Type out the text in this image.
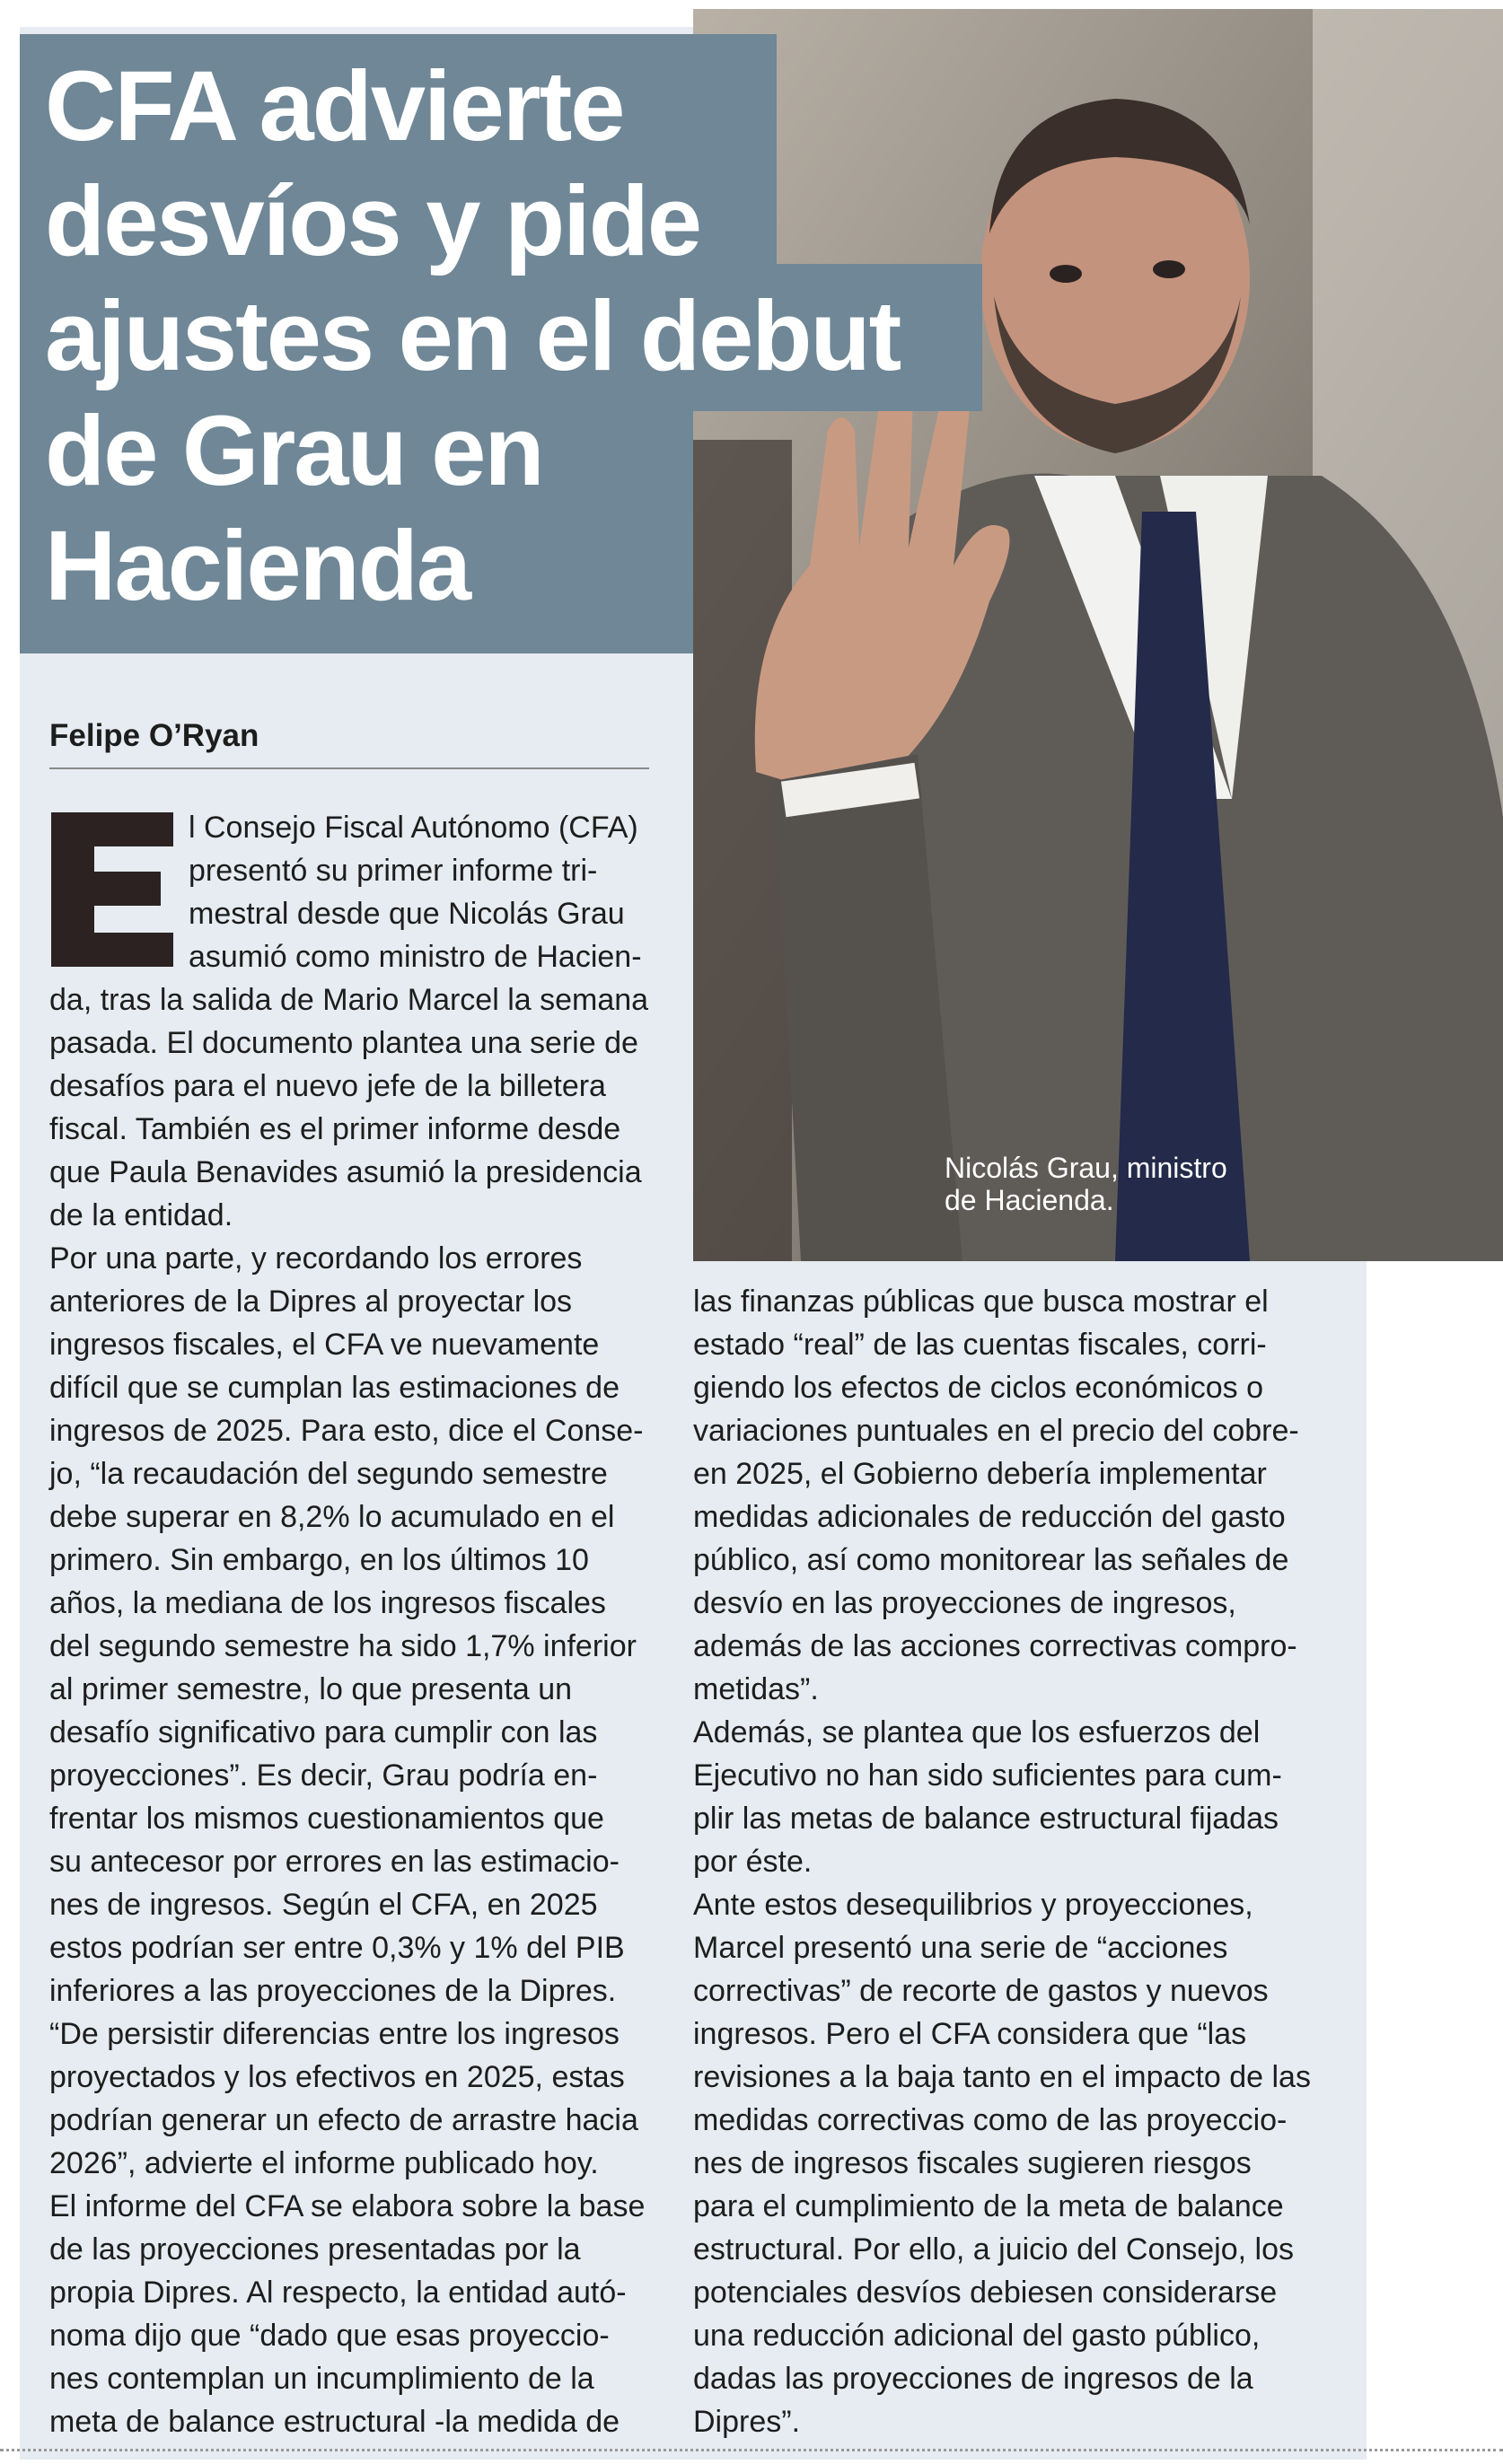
Nicolás Grau, ministro
de Hacienda.
CFA advierte
desvíos y pide
ajustes en el debut
de Grau en
Hacienda
Felipe O’Ryan
l Consejo Fiscal Autónomo (CFA)
presentó su primer informe tri-
mestral desde que Nicolás Grau
asumió como ministro de Hacien-
da, tras la salida de Mario Marcel la semana
pasada. El documento plantea una serie de
desafíos para el nuevo jefe de la billetera
fiscal. También es el primer informe desde
que Paula Benavides asumió la presidencia
de la entidad.
Por una parte, y recordando los errores
anteriores de la Dipres al proyectar los
ingresos fiscales, el CFA ve nuevamente
difícil que se cumplan las estimaciones de
ingresos de 2025. Para esto, dice el Conse-
jo, “la recaudación del segundo semestre
debe superar en 8,2% lo acumulado en el
primero. Sin embargo, en los últimos 10
años, la mediana de los ingresos fiscales
del segundo semestre ha sido 1,7% inferior
al primer semestre, lo que presenta un
desafío significativo para cumplir con las
proyecciones”. Es decir, Grau podría en-
frentar los mismos cuestionamientos que
su antecesor por errores en las estimacio-
nes de ingresos. Según el CFA, en 2025
estos podrían ser entre 0,3% y 1% del PIB
inferiores a las proyecciones de la Dipres.
“De persistir diferencias entre los ingresos
proyectados y los efectivos en 2025, estas
podrían generar un efecto de arrastre hacia
2026”, advierte el informe publicado hoy.
El informe del CFA se elabora sobre la base
de las proyecciones presentadas por la
propia Dipres. Al respecto, la entidad autó-
noma dijo que “dado que esas proyeccio-
nes contemplan un incumplimiento de la
meta de balance estructural -la medida de
las finanzas públicas que busca mostrar el
estado “real” de las cuentas fiscales, corri-
giendo los efectos de ciclos económicos o
variaciones puntuales en el precio del cobre-
en 2025, el Gobierno debería implementar
medidas adicionales de reducción del gasto
público, así como monitorear las señales de
desvío en las proyecciones de ingresos,
además de las acciones correctivas compro-
metidas”.
Además, se plantea que los esfuerzos del
Ejecutivo no han sido suficientes para cum-
plir las metas de balance estructural fijadas
por éste.
Ante estos desequilibrios y proyecciones,
Marcel presentó una serie de “acciones
correctivas” de recorte de gastos y nuevos
ingresos. Pero el CFA considera que “las
revisiones a la baja tanto en el impacto de las
medidas correctivas como de las proyeccio-
nes de ingresos fiscales sugieren riesgos
para el cumplimiento de la meta de balance
estructural. Por ello, a juicio del Consejo, los
potenciales desvíos debiesen considerarse
una reducción adicional del gasto público,
dadas las proyecciones de ingresos de la
Dipres”.
